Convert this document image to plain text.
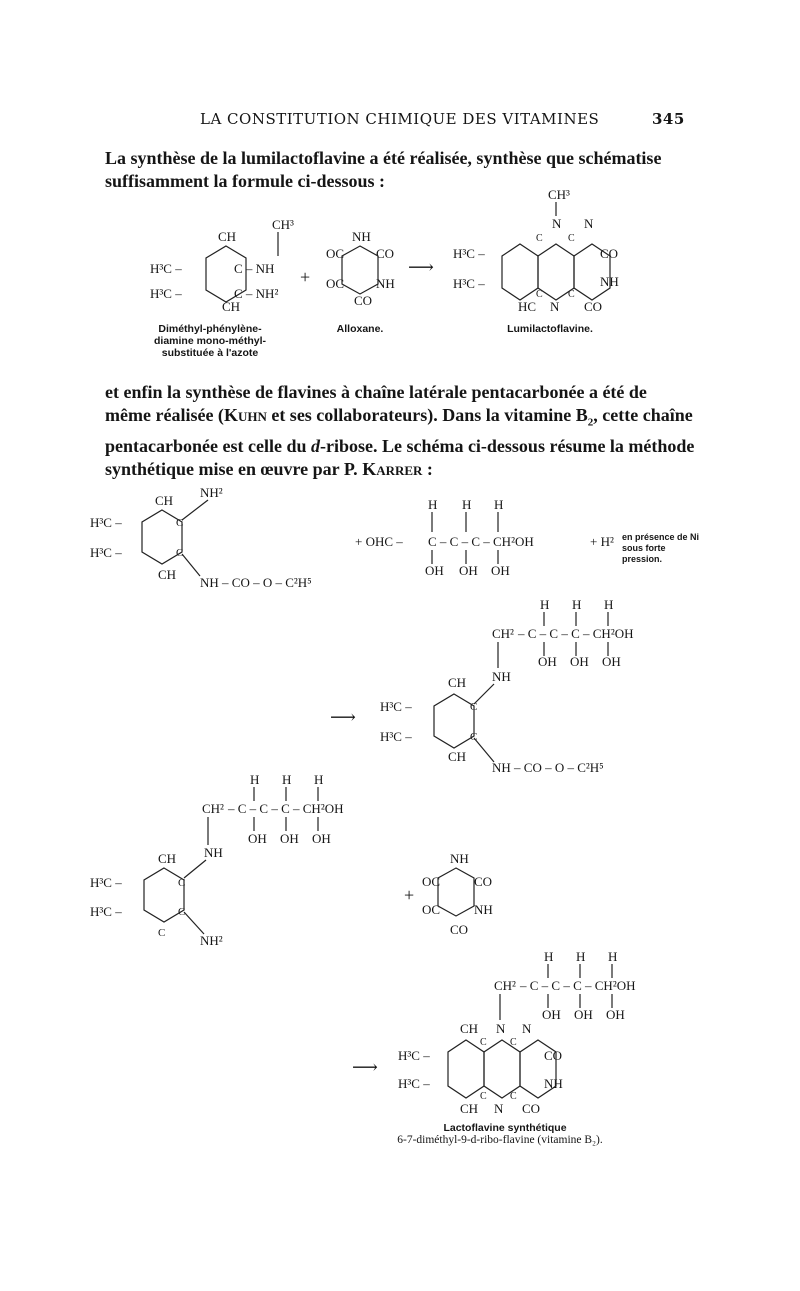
LA CONSTITUTION CHIMIQUE DES VITAMINES	345

La synthèse de la lumilactoflavine a été réalisée, synthèse que schématise suffisamment la formule ci-dessous :

CH
CH³
H³C –
H³C –
C – NH
C – NH²
CH
+
NH
OC CO
OC NH
CO
⟶
CH³
N N
C	C
H³C –
H³C –
CO
NH
C	C
HC N CO
Diméthyl-phénylène-diamine mono-méthyl-substituée à l'azote
Alloxane.	Lumilactoflavine.

et enfin la synthèse de flavines à chaîne latérale pentacarbonée a été de même réalisée (Kuhn et ses collaborateurs). Dans la vitamine $B_2$, cette chaîne pentacarbonée est celle du d-ribose. Le schéma ci-dessous résume la méthode synthétique mise en œuvre par P. Karrer :

CH
NH²
H³C –
H³C –
C
C
CH
NH – CO – O – C²H⁵
H H H
+ OHC – C – C – C – CH²OH	+ H² en présence de Ni sous forte pression.
OH OH OH
H H H
CH² – C – C – C – CH²OH
OH OH OH
NH
CH
H³C –
H³C –
C
C
CH
NH – CO – O – C²H⁵
⟶
H H H
CH² – C – C – C – CH²OH
OH OH OH
NH
CH
H³C –
H³C –
C
C
C	NH²
+
NH
OC	CO
OC	NH
CO
H H H
CH² – C – C – C – CH²OH
OH OH OH
CH N N
C C
H³C –
H³C –
CO
NH
C C
CH N CO
⟶
Lactoflavine synthétique
6-7-diméthyl-9-d-ribo-flavine (vitamine B₂).
